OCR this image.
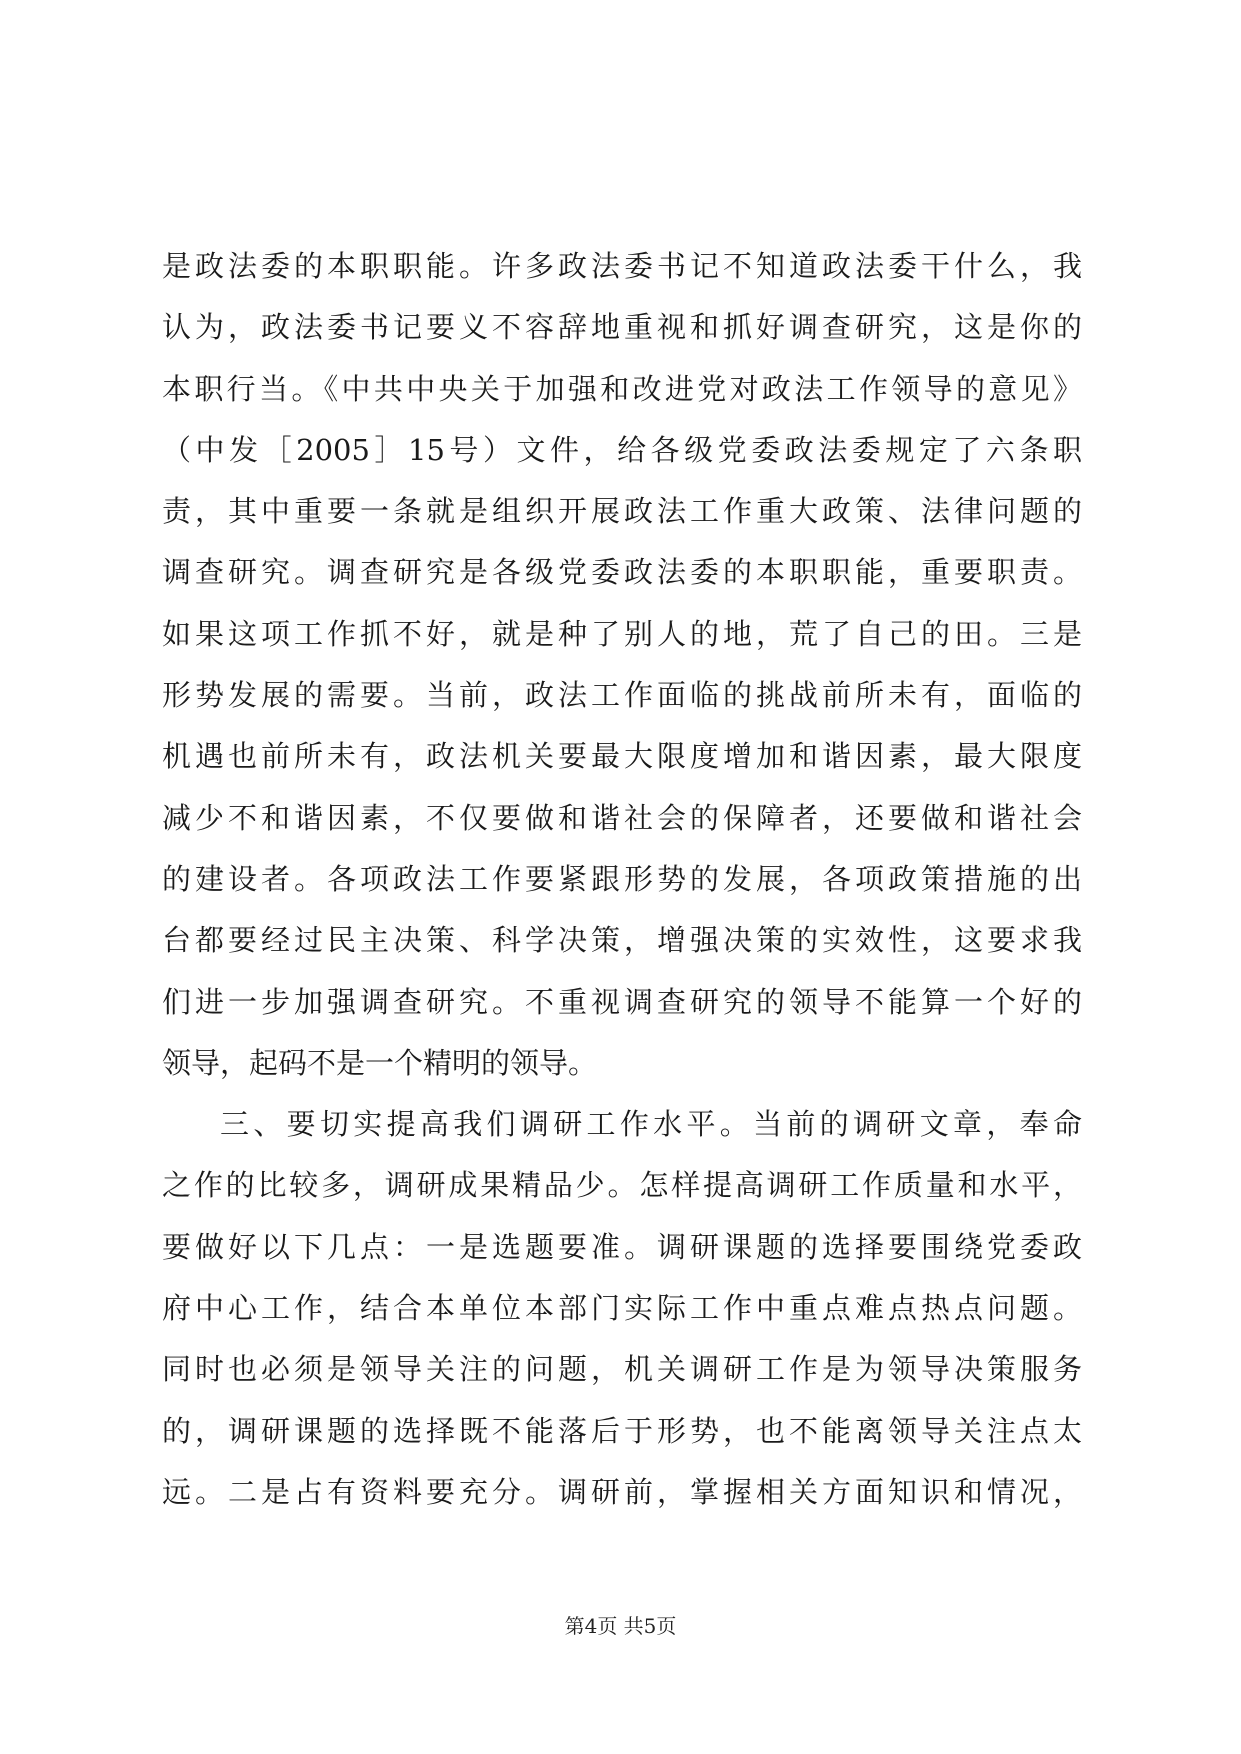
是政法委的本职职能。许多政法委书记不知道政法委干什么，我
认为，政法委书记要义不容辞地重视和抓好调查研究，这是你的
本职行当。《中共中央关于加强和改进党对政法工作领导的意见》
（中发［2005］15号）文件，给各级党委政法委规定了六条职
责，其中重要一条就是组织开展政法工作重大政策、法律问题的
调查研究。调查研究是各级党委政法委的本职职能，重要职责。
如果这项工作抓不好，就是种了别人的地，荒了自己的田。三是
形势发展的需要。当前，政法工作面临的挑战前所未有，面临的
机遇也前所未有，政法机关要最大限度增加和谐因素，最大限度
减少不和谐因素，不仅要做和谐社会的保障者，还要做和谐社会
的建设者。各项政法工作要紧跟形势的发展，各项政策措施的出
台都要经过民主决策、科学决策，增强决策的实效性，这要求我
们进一步加强调查研究。不重视调查研究的领导不能算一个好的
领导，起码不是一个精明的领导。
三、要切实提高我们调研工作水平。当前的调研文章，奉命
之作的比较多，调研成果精品少。怎样提高调研工作质量和水平，
要做好以下几点：一是选题要准。调研课题的选择要围绕党委政
府中心工作，结合本单位本部门实际工作中重点难点热点问题。
同时也必须是领导关注的问题，机关调研工作是为领导决策服务
的，调研课题的选择既不能落后于形势，也不能离领导关注点太
远。二是占有资料要充分。调研前，掌握相关方面知识和情况，
第4页 共5页
